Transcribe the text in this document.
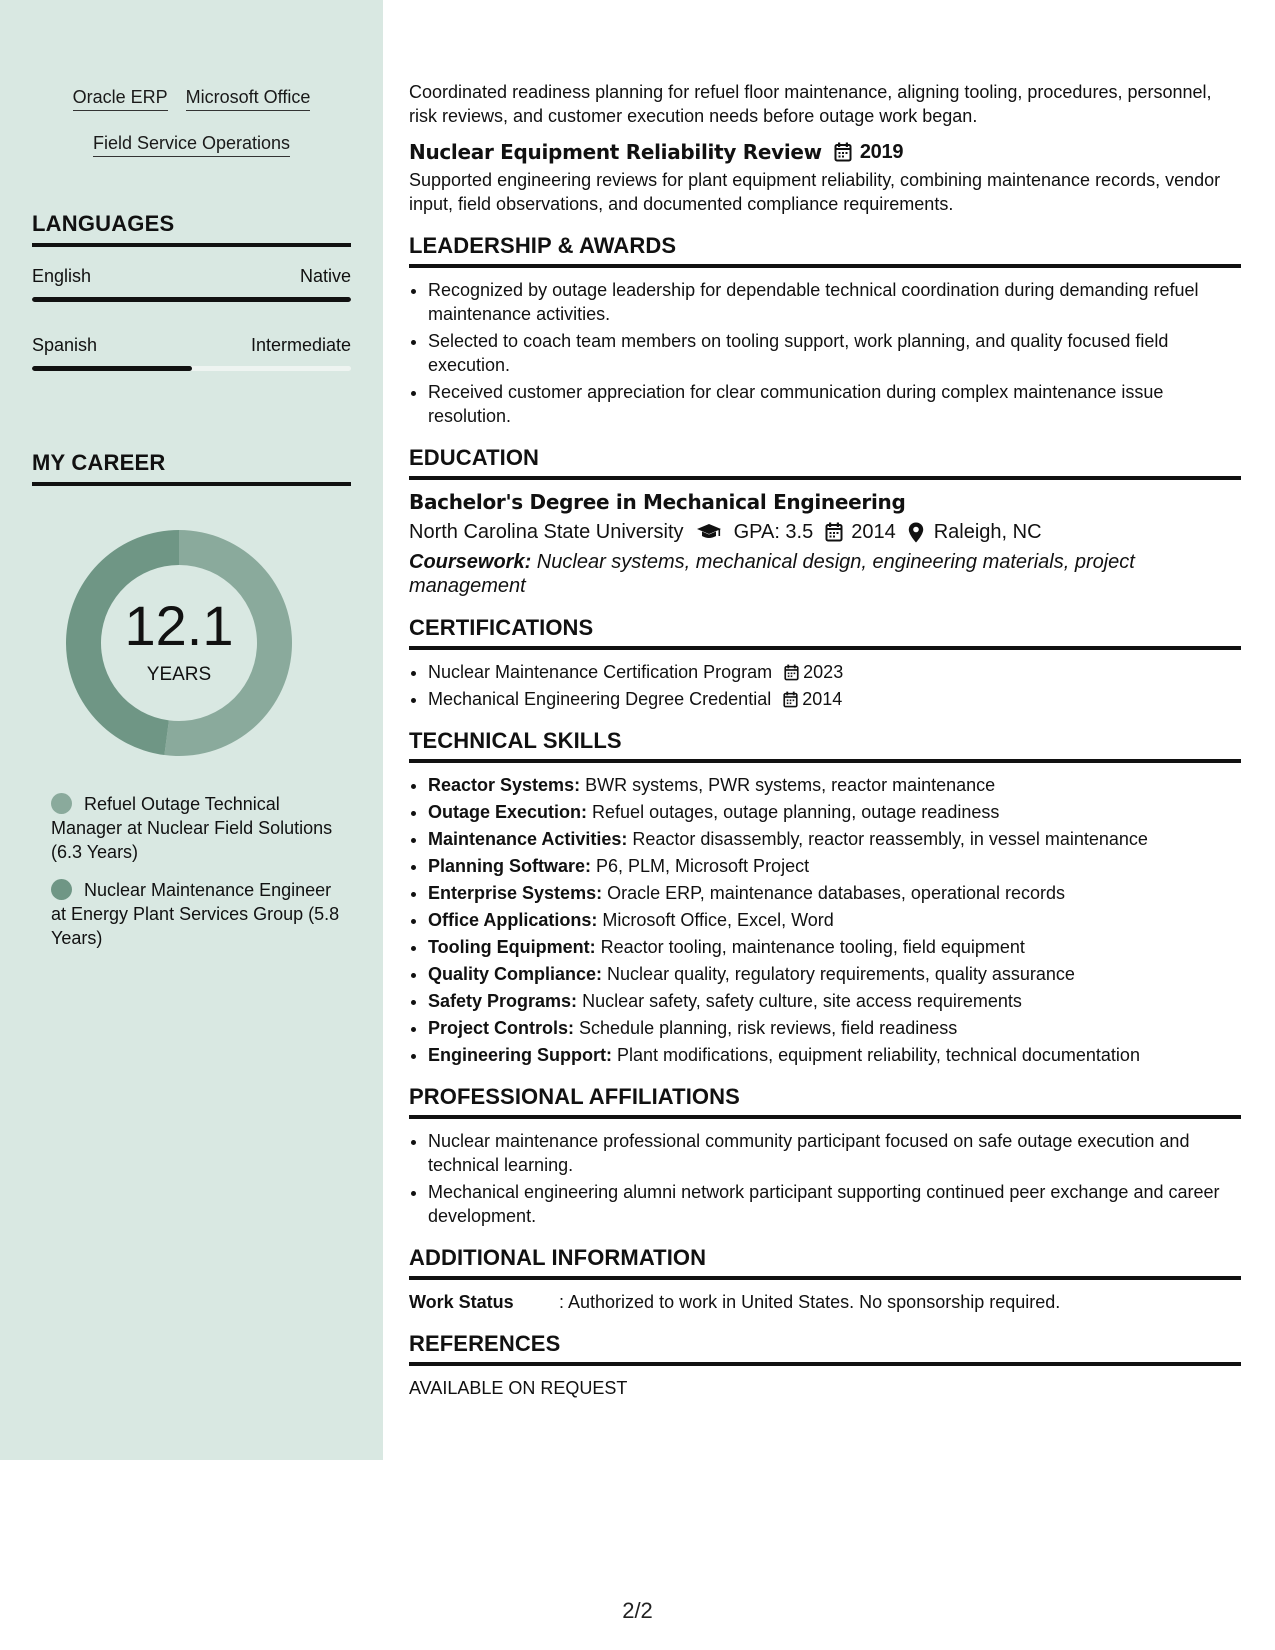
Oracle ERP Microsoft Office
Field Service Operations
LANGUAGES
English	Native
Spanish	Intermediate
MY CAREER
12.1
YEARS
Refuel Outage Technical Manager at Nuclear Field Solutions (6.3 Years)
Nuclear Maintenance Engineer at Energy Plant Services Group (5.8 Years)

Coordinated readiness planning for refuel floor maintenance, aligning tooling, procedures, personnel, risk reviews, and customer execution needs before outage work began.

Nuclear Equipment Reliability Review 2019

Supported engineering reviews for plant equipment reliability, combining maintenance records, vendor input, field observations, and documented compliance requirements.

LEADERSHIP & AWARDS
• Recognized by outage leadership for dependable technical coordination during demanding refuel maintenance activities.
• Selected to coach team members on tooling support, work planning, and quality focused field execution.
• Received customer appreciation for clear communication during complex maintenance issue resolution.
EDUCATION
Bachelor's Degree in Mechanical Engineering
North Carolina State University	GPA: 3.5 2014 Raleigh, NC
Coursework: Nuclear systems, mechanical design, engineering materials, project management
CERTIFICATIONS
• Nuclear Maintenance Certification Program 2023
• Mechanical Engineering Degree Credential 2014
TECHNICAL SKILLS
• Reactor Systems: BWR systems, PWR systems, reactor maintenance
• Outage Execution: Refuel outages, outage planning, outage readiness
• Maintenance Activities: Reactor disassembly, reactor reassembly, in vessel maintenance
• Planning Software: P6, PLM, Microsoft Project
• Enterprise Systems: Oracle ERP, maintenance databases, operational records
• Office Applications: Microsoft Office, Excel, Word
• Tooling Equipment: Reactor tooling, maintenance tooling, field equipment
• Quality Compliance: Nuclear quality, regulatory requirements, quality assurance
• Safety Programs: Nuclear safety, safety culture, site access requirements
• Project Controls: Schedule planning, risk reviews, field readiness
• Engineering Support: Plant modifications, equipment reliability, technical documentation
PROFESSIONAL AFFILIATIONS
• Nuclear maintenance professional community participant focused on safe outage execution and technical learning.
• Mechanical engineering alumni network participant supporting continued peer exchange and career development.
ADDITIONAL INFORMATION
Work Status	: Authorized to work in United States. No sponsorship required.
REFERENCES
AVAILABLE ON REQUEST
2/2
